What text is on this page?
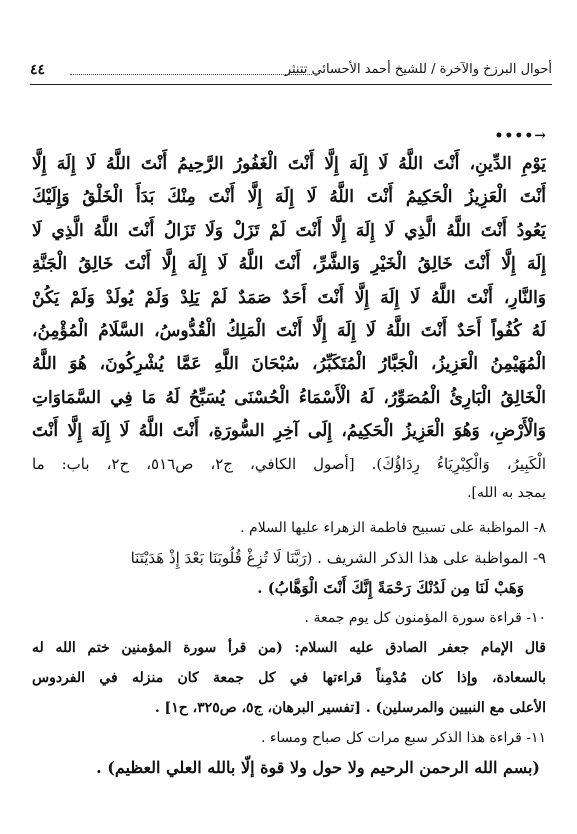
أحوال البرزخ والآخرة / للشيخ أحمد الأحسائي تتنثر
٤٤
••••→
يَوْمِ الدِّينِ، أَنْتَ اللَّهُ لَا إِلَهَ إِلَّا أَنْتَ الْغَفُورُ الرَّحِيمُ أَنْتَ اللَّهُ لَا إِلَهَ إِلَّا
أَنْتَ الْعَزِيزُ الْحَكِيمُ أَنْتَ اللَّهُ لَا إِلَهَ إِلَّا أَنْتَ مِنْكَ بَدَأَ الْخَلْقُ وَإِلَيْكَ
يَعُودُ أَنْتَ اللَّهُ الَّذِي لَا إِلَهَ إِلَّا أَنْتَ لَمْ تَزَلْ وَلَا تَزَالُ أَنْتَ اللَّهُ الَّذِي لَا
إِلَهَ إِلَّا أَنْتَ خَالِقُ الْخَيْرِ وَالشَّرِّ، أَنْتَ اللَّهُ لَا إِلَهَ إِلَّا أَنْتَ خَالِقُ الْجَنَّةِ
وَالنَّارِ، أَنْتَ اللَّهُ لَا إِلَهَ إِلَّا أَنْتَ أَحَدٌ صَمَدٌ لَمْ يَلِدْ وَلَمْ يُولَدْ وَلَمْ يَكُنْ
لَهُ كُفُواً أَحَدٌ أَنْتَ اللَّهُ لَا إِلَهَ إِلَّا أَنْتَ الْمَلِكُ الْقُدُّوسُ، السَّلَامُ الْمُؤْمِنُ،
الْمُهَيْمِنُ الْعَزِيزُ، الْجَبَّارُ الْمُتَكَبِّرُ، سُبْحَانَ اللَّهِ عَمَّا يُشْرِكُونَ، هُوَ اللَّهُ
الْخَالِقُ الْبَارِئُ الْمُصَوِّرُ، لَهُ الْأَسْمَاءُ الْحُسْنَى يُسَبِّحُ لَهُ مَا فِي السَّمَاوَاتِ
وَالْأَرْضِ، وَهُوَ الْعَزِيزُ الْحَكِيمُ، إِلَى آخِرِ السُّورَةِ، أَنْتَ اللَّهُ لَا إِلَهَ إِلَّا أَنْتَ
الْكَبِيرُ، وَالْكِبْرِيَاءُ رِدَاؤُكَ). [أصول الكافي، ج٢، ص٥١٦، ح٢، باب: ما
يمجد به الله].
٨- المواظبة على تسبيح فاطمة الزهراء عليها السلام .
٩- المواظبة على هذا الذكر الشريف . (رَبَّنَا لَا تُزِغْ قُلُوبَنَا بَعْدَ إِذْ هَدَيْتَنَا
وَهَبْ لَنَا مِن لَدُنْكَ رَحْمَةً إِنَّكَ أَنْتَ الْوَهَّابُ) .
١٠- قراءة سورة المؤمنون كل يوم جمعة .
قال الإمام جعفر الصادق عليه السلام: (من قرأ سورة المؤمنين ختم الله له
بالسعادة، وإذا كان مُدْمِناً قراءتها في كل جمعة كان منزله في الفردوس
الأعلى مع النبيين والمرسلين) . [تفسير البرهان، ج٥، ص٣٢٥، ح١] .
١١- قراءة هذا الذكر سبع مرات كل صباح ومساء .
(بسم الله الرحمن الرحيم ولا حول ولا قوة إلّا بالله العلي العظيم) .
